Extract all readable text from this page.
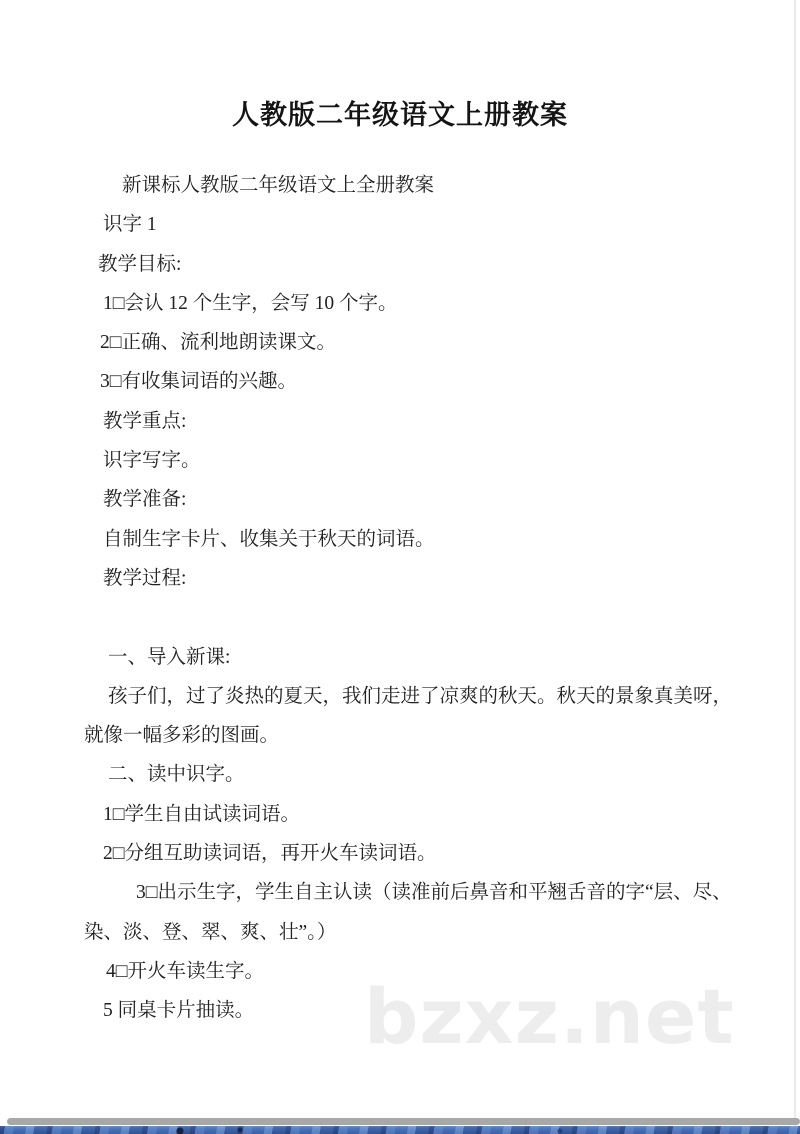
人教版二年级语文上册教案
新课标人教版二年级语文上全册教案
识字 1
教学目标:
1□会认 12 个生字，会写 10 个字。
2□正确、流利地朗读课文。
3□有收集词语的兴趣。
教学重点:
识字写字。
教学准备:
自制生字卡片、收集关于秋天的词语。
教学过程:
一、导入新课:
孩子们，过了炎热的夏天，我们走进了凉爽的秋天。秋天的景象真美呀，
就像一幅多彩的图画。
二、读中识字。
1□学生自由试读词语。
2□分组互助读词语，再开火车读词语。
3□出示生字，学生自主认读（读准前后鼻音和平翘舌音的字“层、尽、
染、淡、登、翠、爽、壮”。）
4□开火车读生字。
5 同桌卡片抽读。	bzxz.net
